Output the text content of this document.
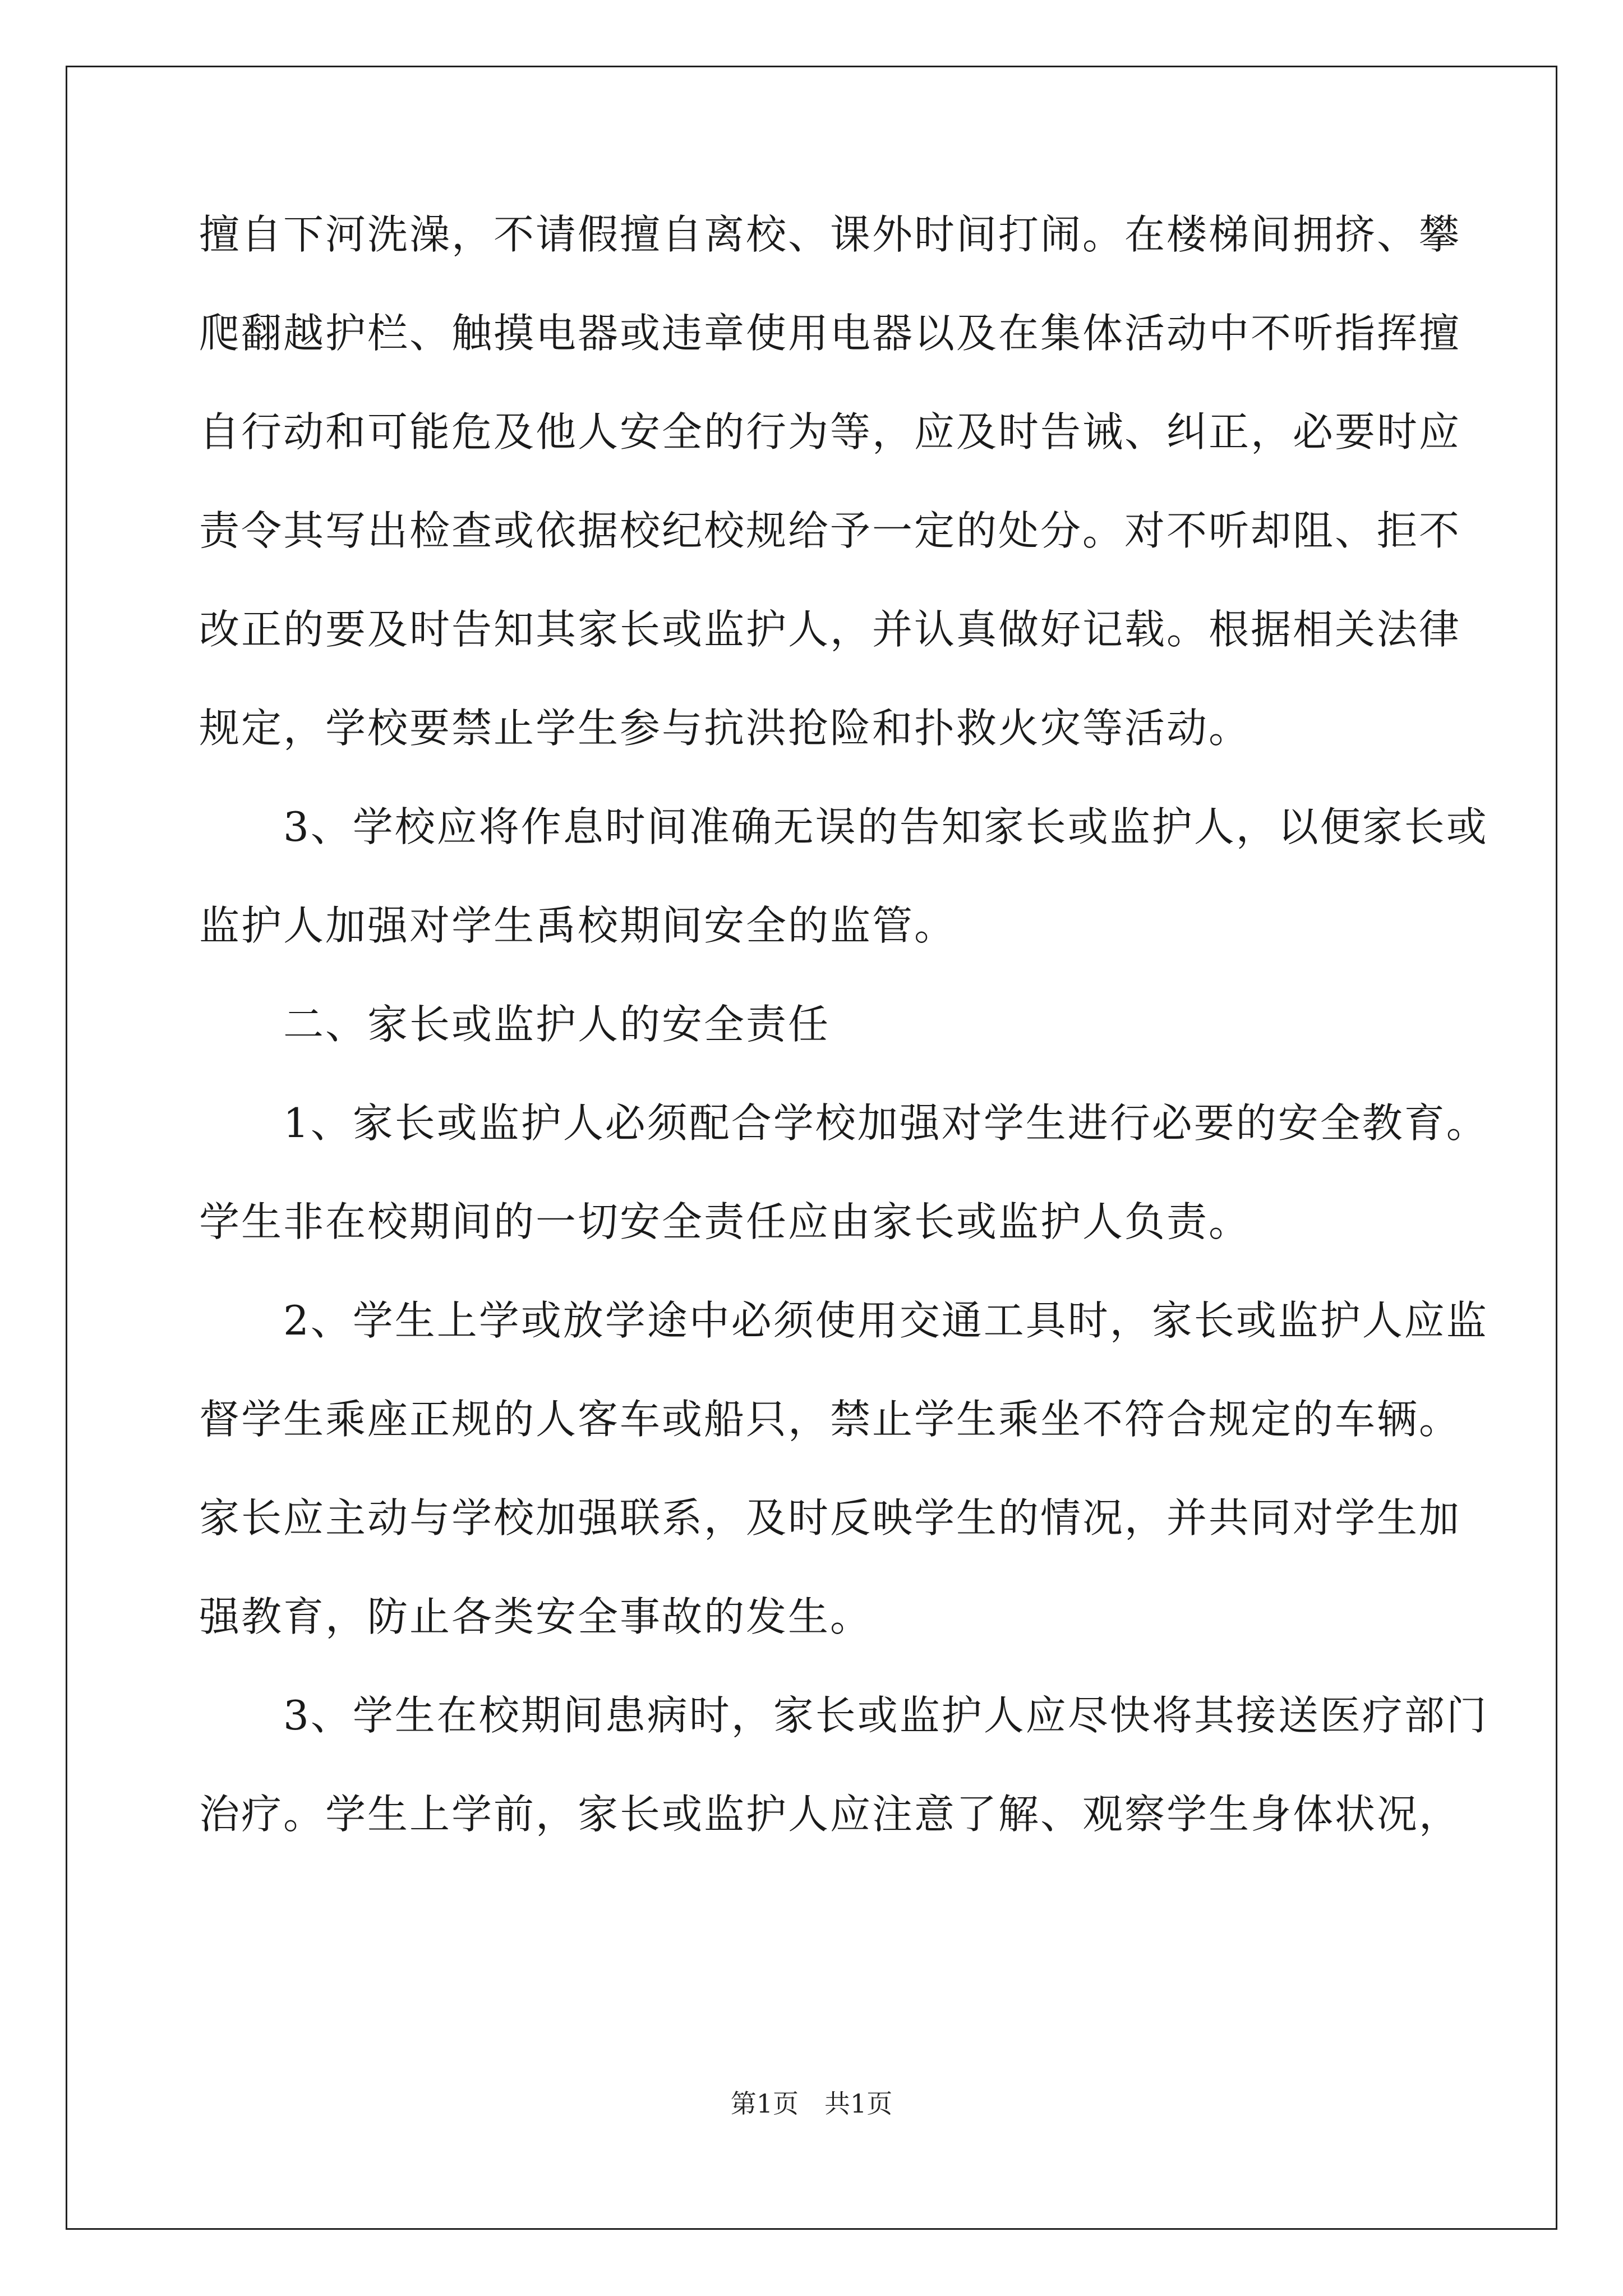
擅自下河洗澡，不请假擅自离校、课外时间打闹。在楼梯间拥挤、攀

爬翻越护栏、触摸电器或违章使用电器以及在集体活动中不听指挥擅

自行动和可能危及他人安全的行为等，应及时告诫、纠正，必要时应

责令其写出检查或依据校纪校规给予一定的处分。对不听却阻、拒不

改正的要及时告知其家长或监护人，并认真做好记载。根据相关法律

规定，学校要禁止学生参与抗洪抢险和扑救火灾等活动。

　　3、学校应将作息时间准确无误的告知家长或监护人，以便家长或

监护人加强对学生禹校期间安全的监管。

　　二、家长或监护人的安全责任

　　1、家长或监护人必须配合学校加强对学生进行必要的安全教育。

学生非在校期间的一切安全责任应由家长或监护人负责。

　　2、学生上学或放学途中必须使用交通工具时，家长或监护人应监

督学生乘座正规的人客车或船只，禁止学生乘坐不符合规定的车辆。

家长应主动与学校加强联系，及时反映学生的情况，并共同对学生加

强教育，防止各类安全事故的发生。

　　3、学生在校期间患病时，家长或监护人应尽快将其接送医疗部门

治疗。学生上学前，家长或监护人应注意了解、观察学生身体状况，

第1页　共1页
